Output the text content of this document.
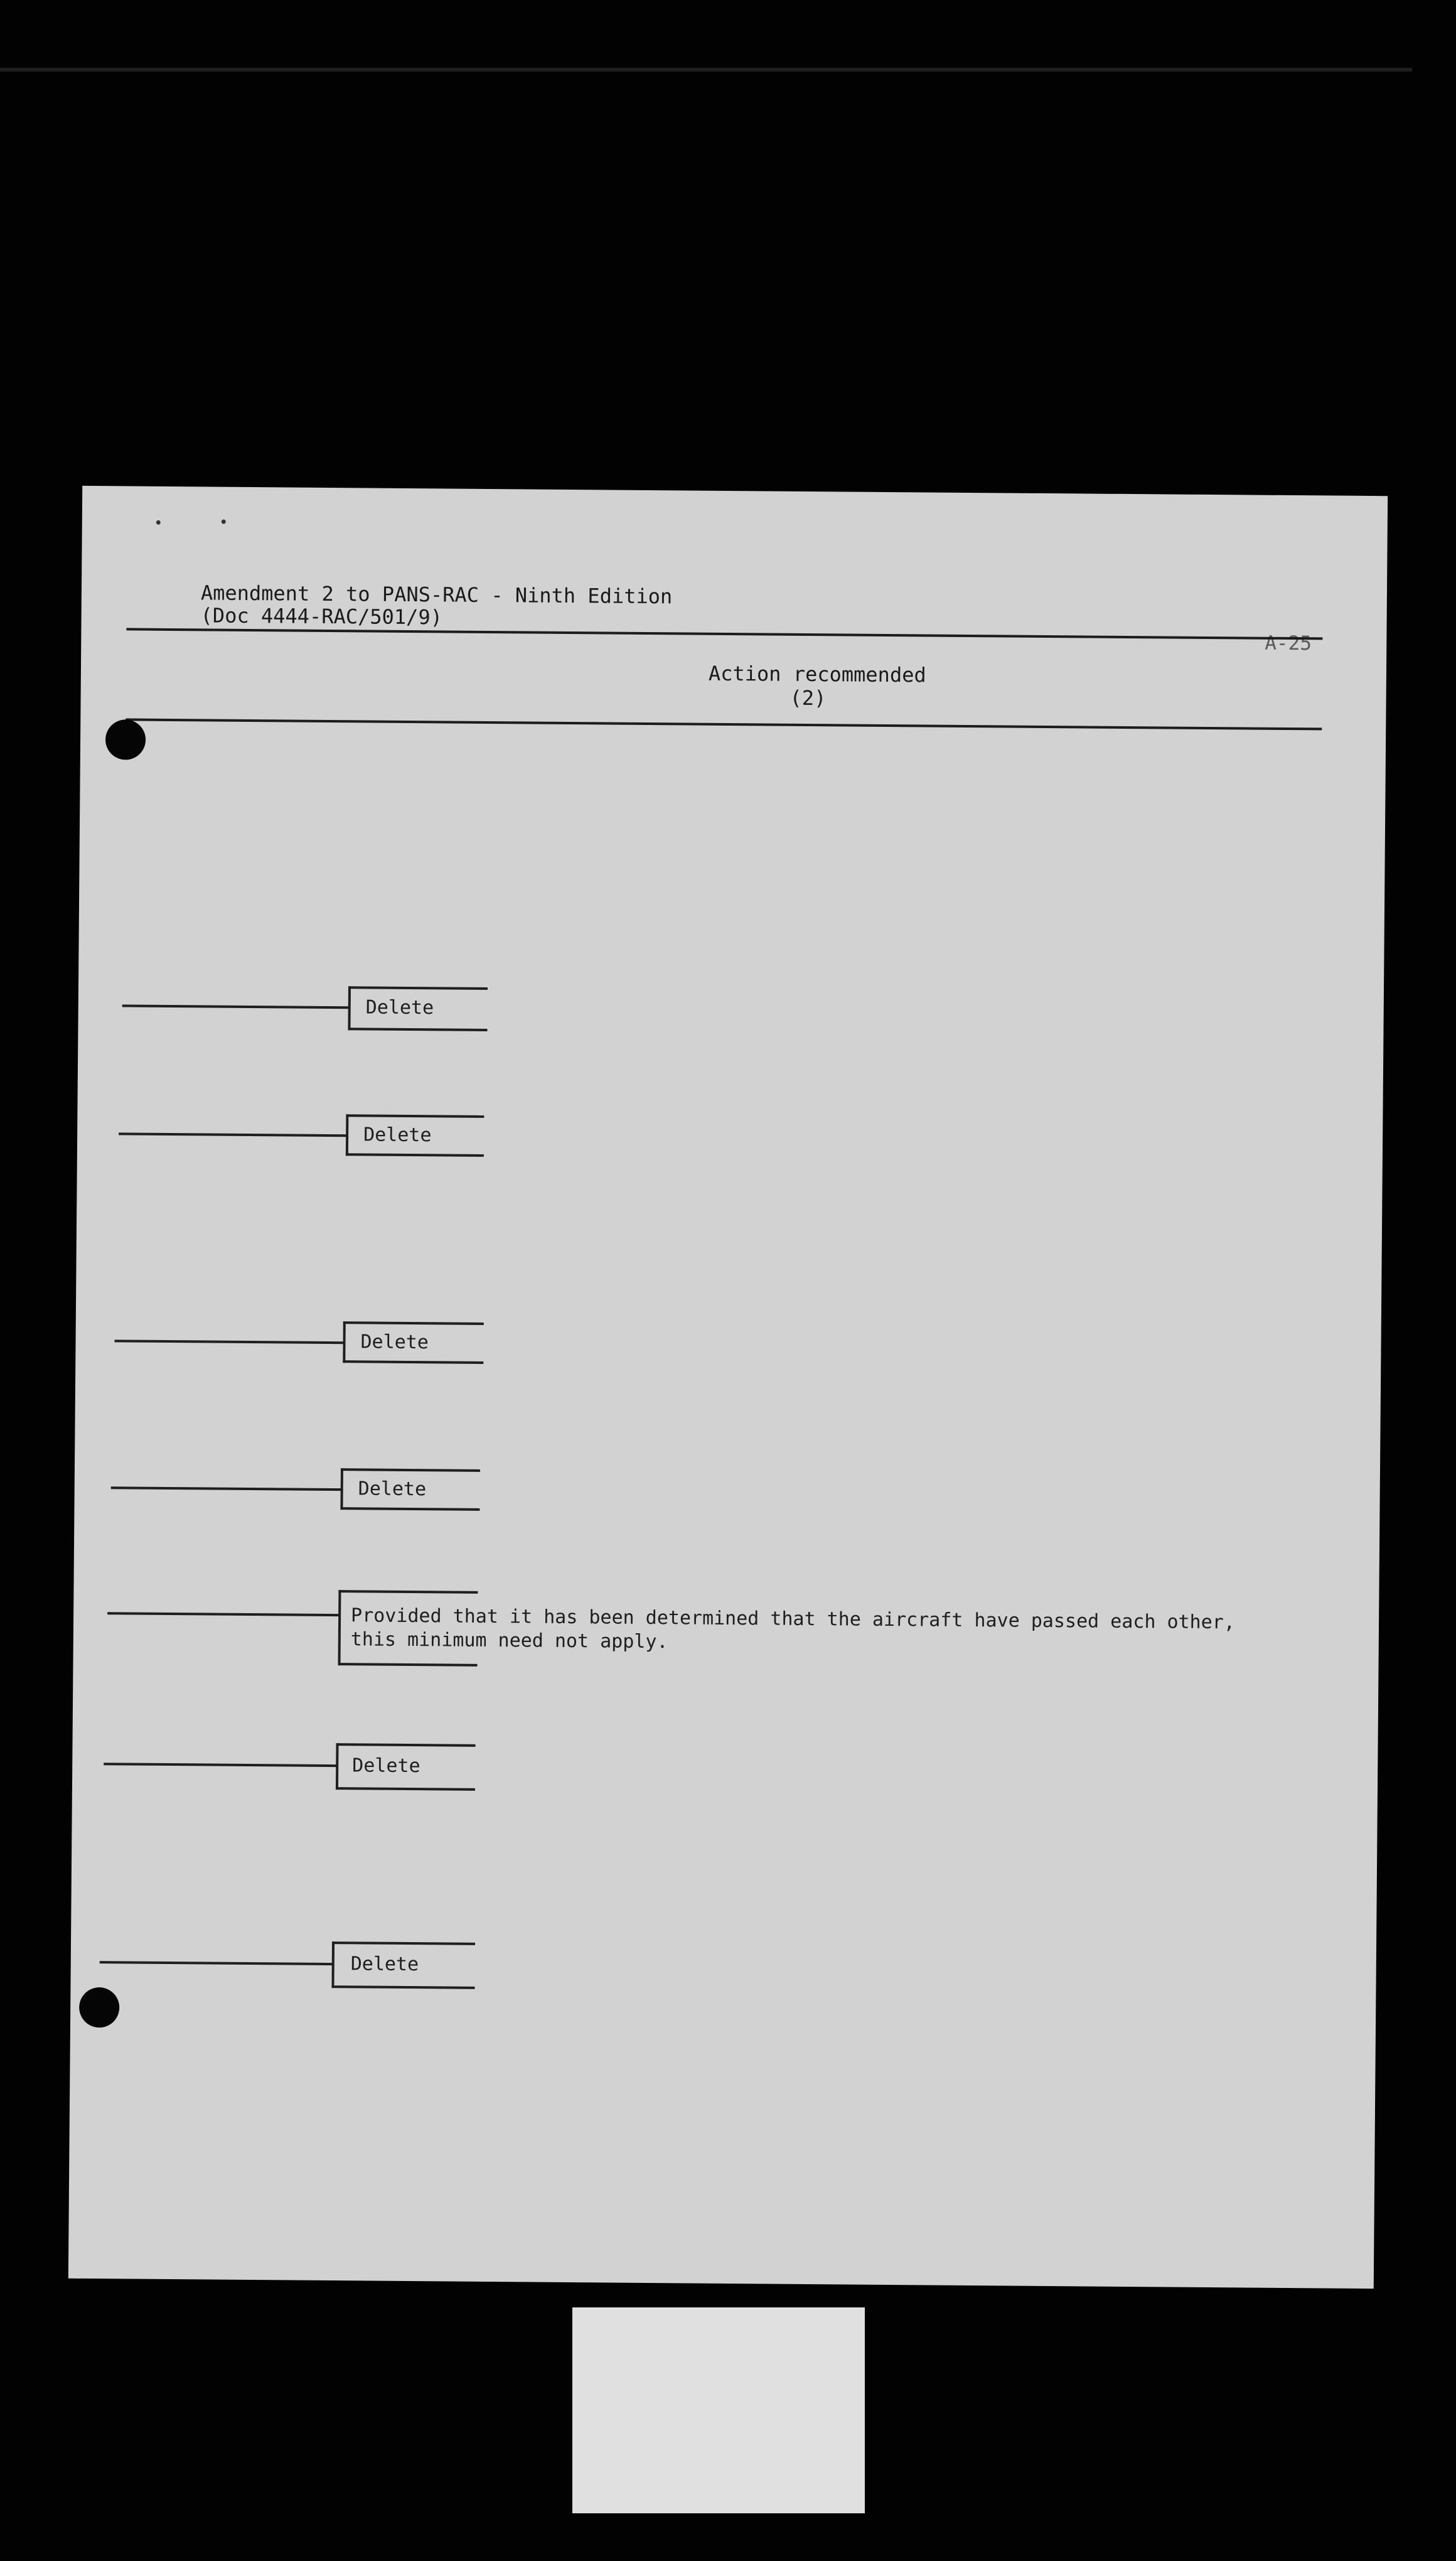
Amendment 2 to PANS-RAC - Ninth Edition
(Doc 4444-RAC/501/9)
A-25
Action recommended
(2)
Delete
Delete
Delete
Delete
Provided that it has been determined that the aircraft have passed each other, this minimum need not apply.
Delete
Delete
